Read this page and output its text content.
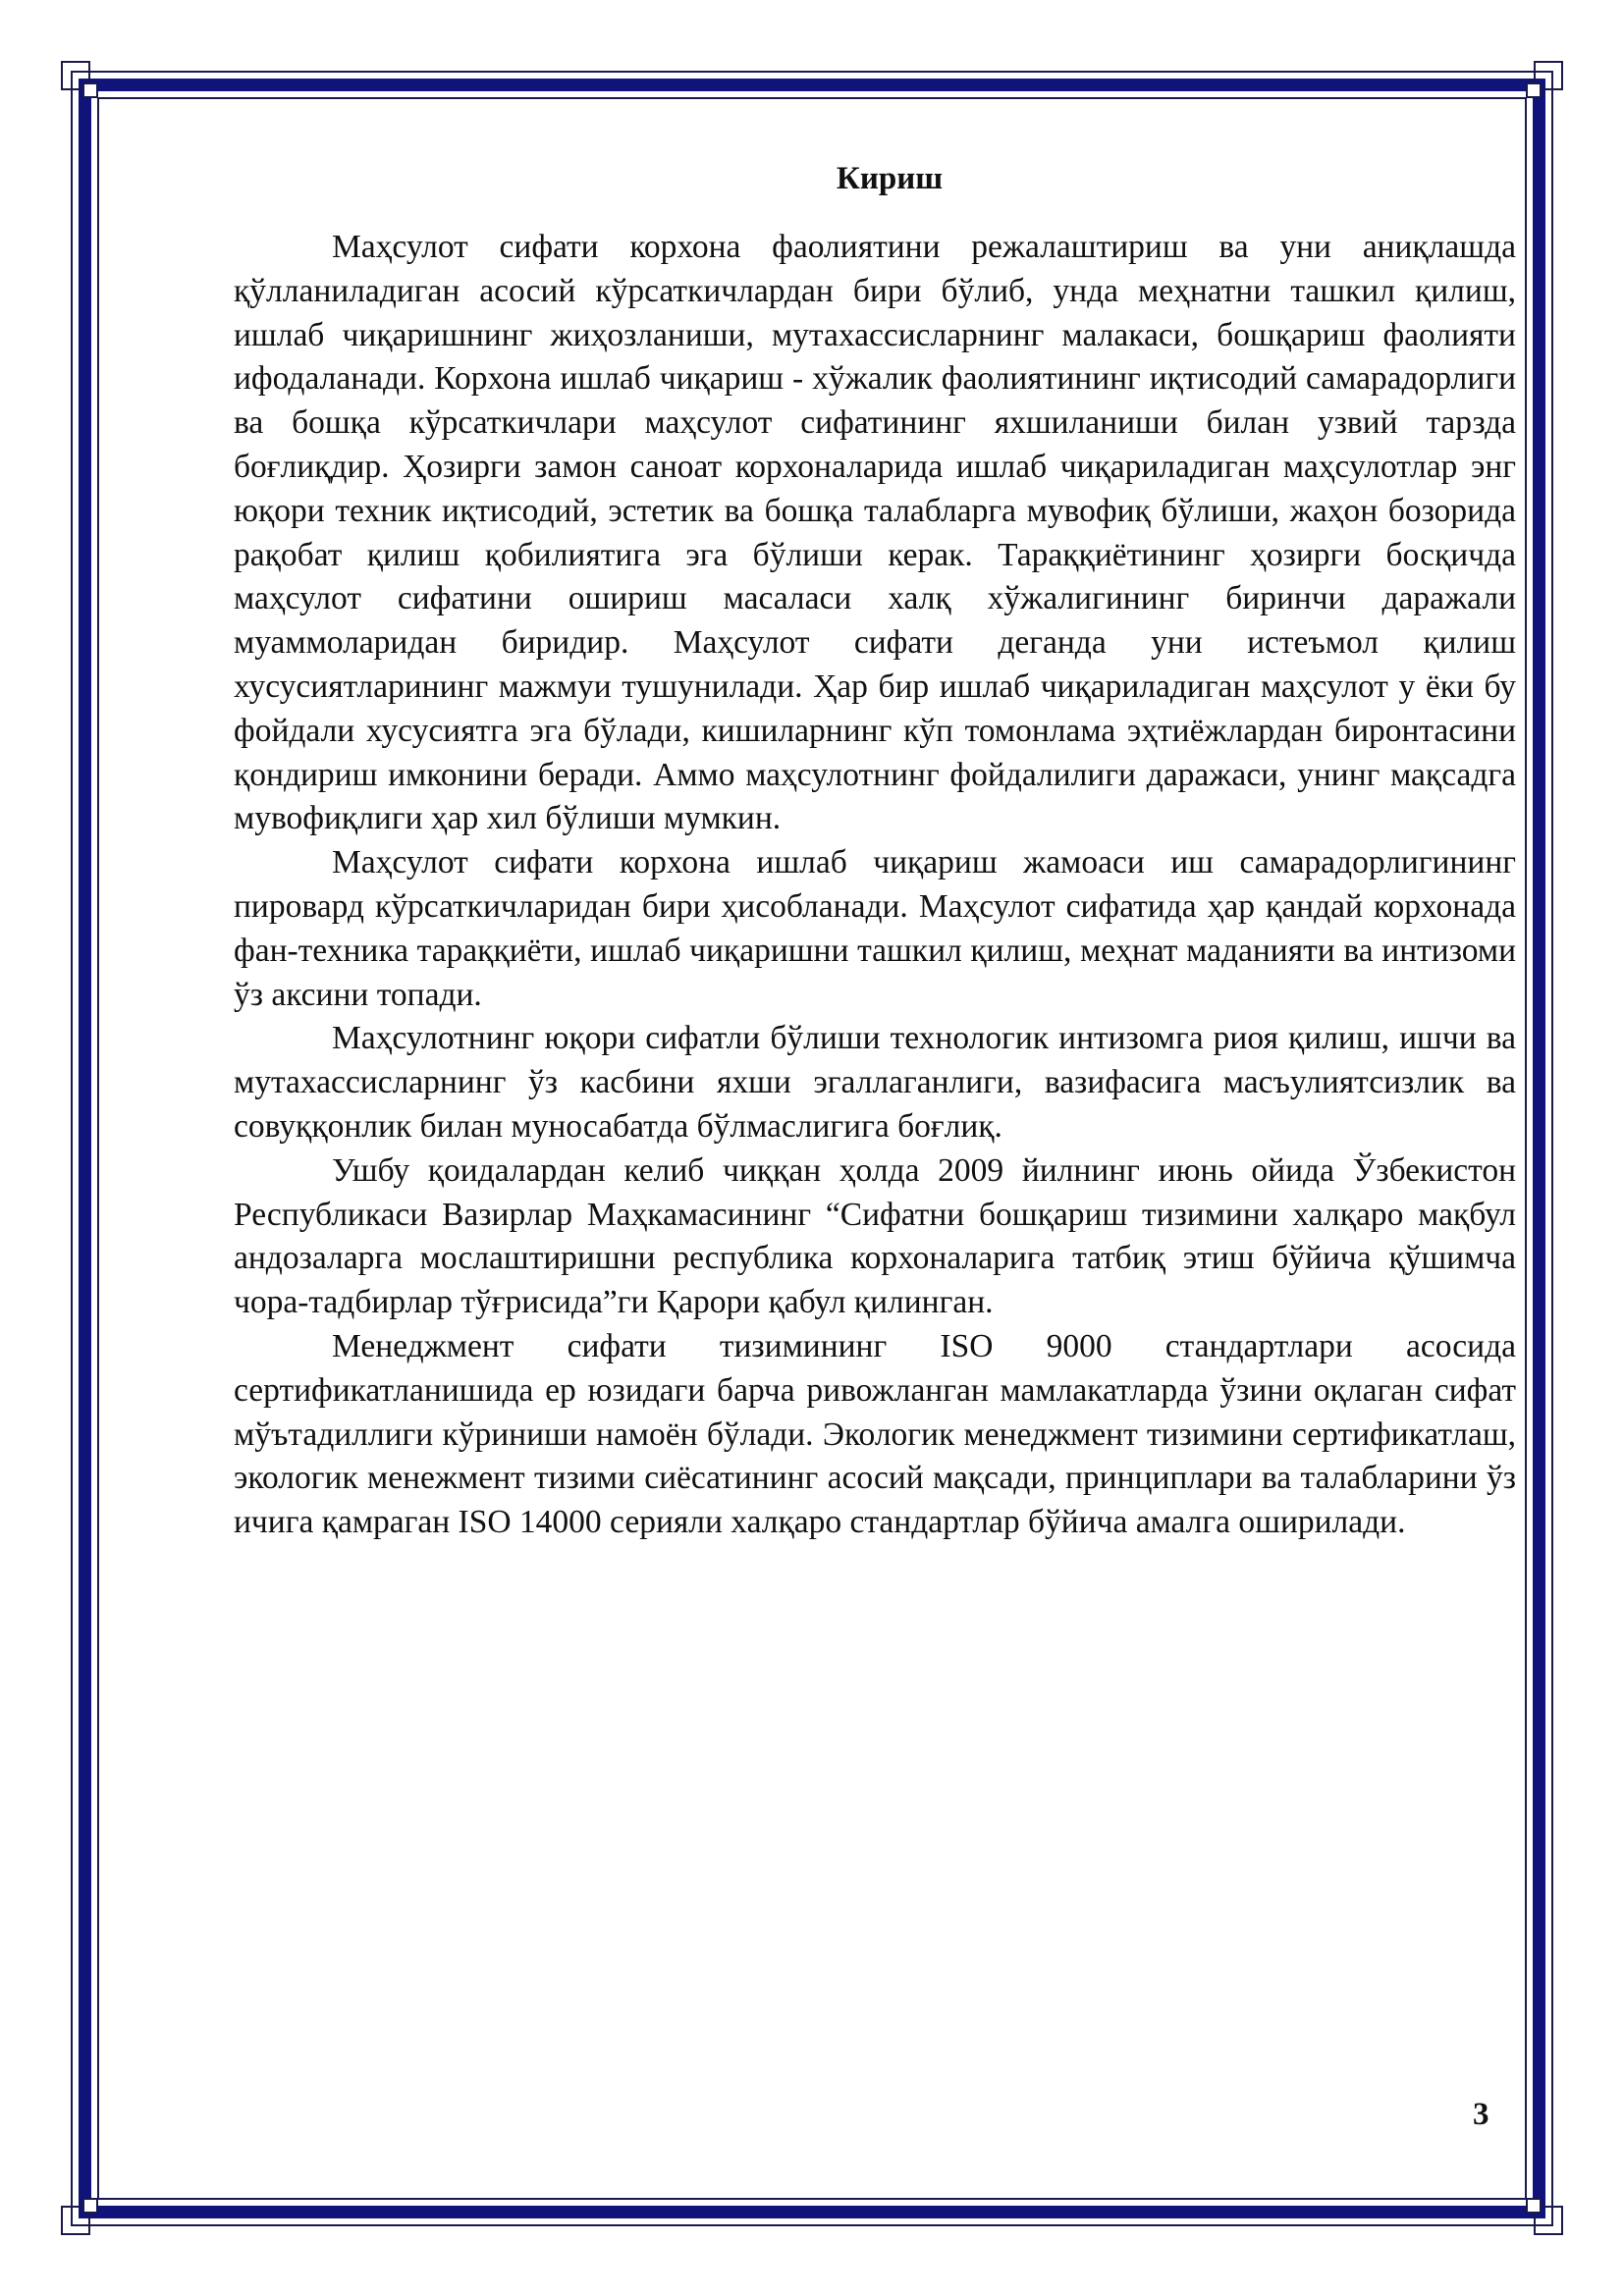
Кириш

Маҳсулот сифати корхона фаолиятини режалаштириш ва уни аниқлашда қўлланиладиган асосий кўрсаткичлардан бири бўлиб, унда меҳнатни ташкил қилиш, ишлаб чиқаришнинг жиҳозланиши, мутахассисларнинг малакаси, бошқариш фаолияти ифодаланади. Корхона ишлаб чиқариш - хўжалик фаолиятининг иқтисодий самарадорлиги ва бошқа кўрсаткичлари маҳсулот сифатининг яхшиланиши билан узвий тарзда боғлиқдир. Ҳозирги замон саноат корхоналарида ишлаб чиқариладиган маҳсулотлар энг юқори техник иқтисодий, эстетик ва бошқа талабларга мувофиқ бўлиши, жаҳон бозорида рақобат қилиш қобилиятига эга бўлиши керак. Тараққиётининг ҳозирги босқичда маҳсулот сифатини ошириш масаласи халқ хўжалигининг биринчи даражали муаммоларидан биридир. Маҳсулот сифати деганда уни истеъмол қилиш хусусиятларининг мажмуи тушунилади. Ҳар бир ишлаб чиқариладиган маҳсулот у ёки бу фойдали хусусиятга эга бўлади, кишиларнинг кўп томонлама эҳтиёжлардан биронтасини қондириш имконини беради. Аммо маҳсулотнинг фойдалилиги даражаси, унинг мақсадга мувофиқлиги ҳар хил бўлиши мумкин.

Маҳсулот сифати корхона ишлаб чиқариш жамоаси иш самарадорлигининг пировард кўрсаткичларидан бири ҳисобланади. Маҳсулот сифатида ҳар қандай корхонада фан-техника тараққиёти, ишлаб чиқаришни ташкил қилиш, меҳнат маданияти ва интизоми ўз аксини топади.

Маҳсулотнинг юқори сифатли бўлиши технологик интизомга риоя қилиш, ишчи ва мутахассисларнинг ўз касбини яхши эгаллаганлиги, вазифасига масъулиятсизлик ва совуққонлик билан муносабатда бўлмаслигига боғлиқ.

Ушбу қоидалардан келиб чиққан ҳолда 2009 йилнинг июнь ойида Ўзбекистон Республикаси Вазирлар Маҳкамасининг “Сифатни бошқариш тизимини халқаро мақбул андозаларга мослаштиришни республика корхоналарига татбиқ этиш бўйича қўшимча чора-тадбирлар тўғрисида”ги Қарори қабул қилинган.

Менеджмент сифати тизимининг ISO 9000 стандартлари асосида сертификатланишида ер юзидаги барча ривожланган мамлакатларда ўзини оқлаган сифат мўътадиллиги кўриниши намоён бўлади. Экологик менеджмент тизимини сертификатлаш, экологик менежмент тизими сиёсатининг асосий мақсади, принциплари ва талабларини ўз ичига қамраган ISO 14000 серияли халқаро стандартлар бўйича амалга оширилади.

3
